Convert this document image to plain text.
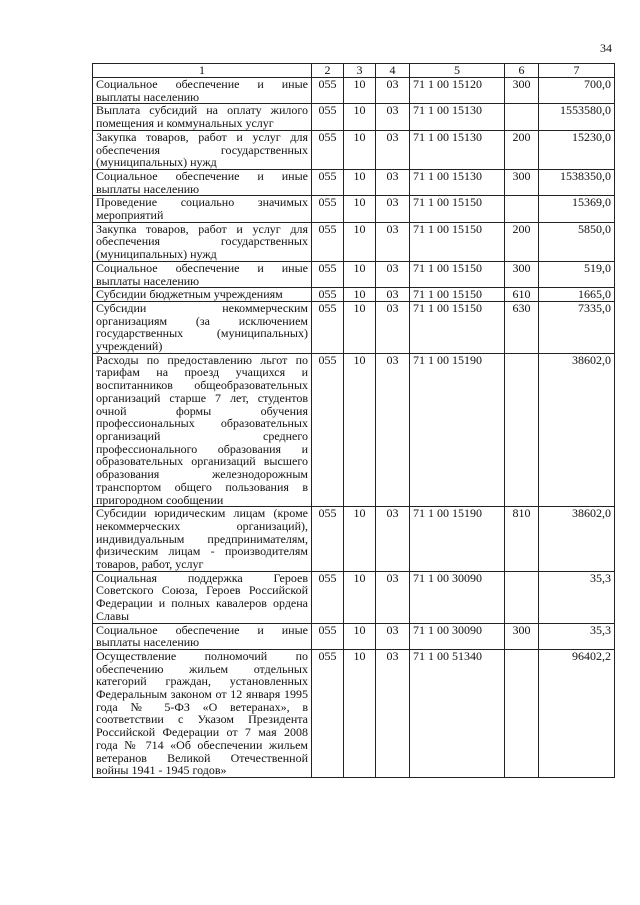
34
1	2	3	4	5	6	7
Социальное обеспечение и иные выплаты населению	055	10	03	71 1 00 15120	300	700,0
Выплата субсидий на оплату жилого помещения и коммунальных услуг	055	10	03	71 1 00 15130		1553580,0
Закупка товаров, работ и услуг для обеспечения государственных (муниципальных) нужд	055	10	03	71 1 00 15130	200	15230,0
Социальное обеспечение и иные выплаты населению	055	10	03	71 1 00 15130	300	1538350,0
Проведение социально значимых мероприятий	055	10	03	71 1 00 15150		15369,0
Закупка товаров, работ и услуг для обеспечения государственных (муниципальных) нужд	055	10	03	71 1 00 15150	200	5850,0
Социальное обеспечение и иные выплаты населению	055	10	03	71 1 00 15150	300	519,0
Субсидии бюджетным учреждениям	055	10	03	71 1 00 15150	610	1665,0
Субсидии некоммерческим организациям (за исключением государственных (муниципальных) учреждений)	055	10	03	71 1 00 15150	630	7335,0
Расходы по предоставлению льгот по тарифам на проезд учащихся и воспитанников общеобразовательных организаций старше 7 лет, студентов очной формы обучения профессиональных образовательных организаций среднего профессионального образования и образовательных организаций высшего образования железнодорожным транспортом общего пользования в пригородном сообщении	055	10	03	71 1 00 15190		38602,0
Субсидии юридическим лицам (кроме некоммерческих организаций), индивидуальным предпринимателям, физическим лицам - производителям товаров, работ, услуг	055	10	03	71 1 00 15190	810	38602,0
Социальная поддержка Героев Советского Союза, Героев Российской Федерации и полных кавалеров ордена Славы	055	10	03	71 1 00 30090		35,3
Социальное обеспечение и иные выплаты населению	055	10	03	71 1 00 30090	300	35,3
Осуществление полномочий по обеспечению жильем отдельных категорий граждан, установленных Федеральным законом от 12 января 1995 года № 5-ФЗ «О ветеранах», в соответствии с Указом Президента Российской Федерации от 7 мая 2008 года № 714 «Об обеспечении жильем ветеранов Великой Отечественной войны 1941 - 1945 годов»	055	10	03	71 1 00 51340		96402,2
